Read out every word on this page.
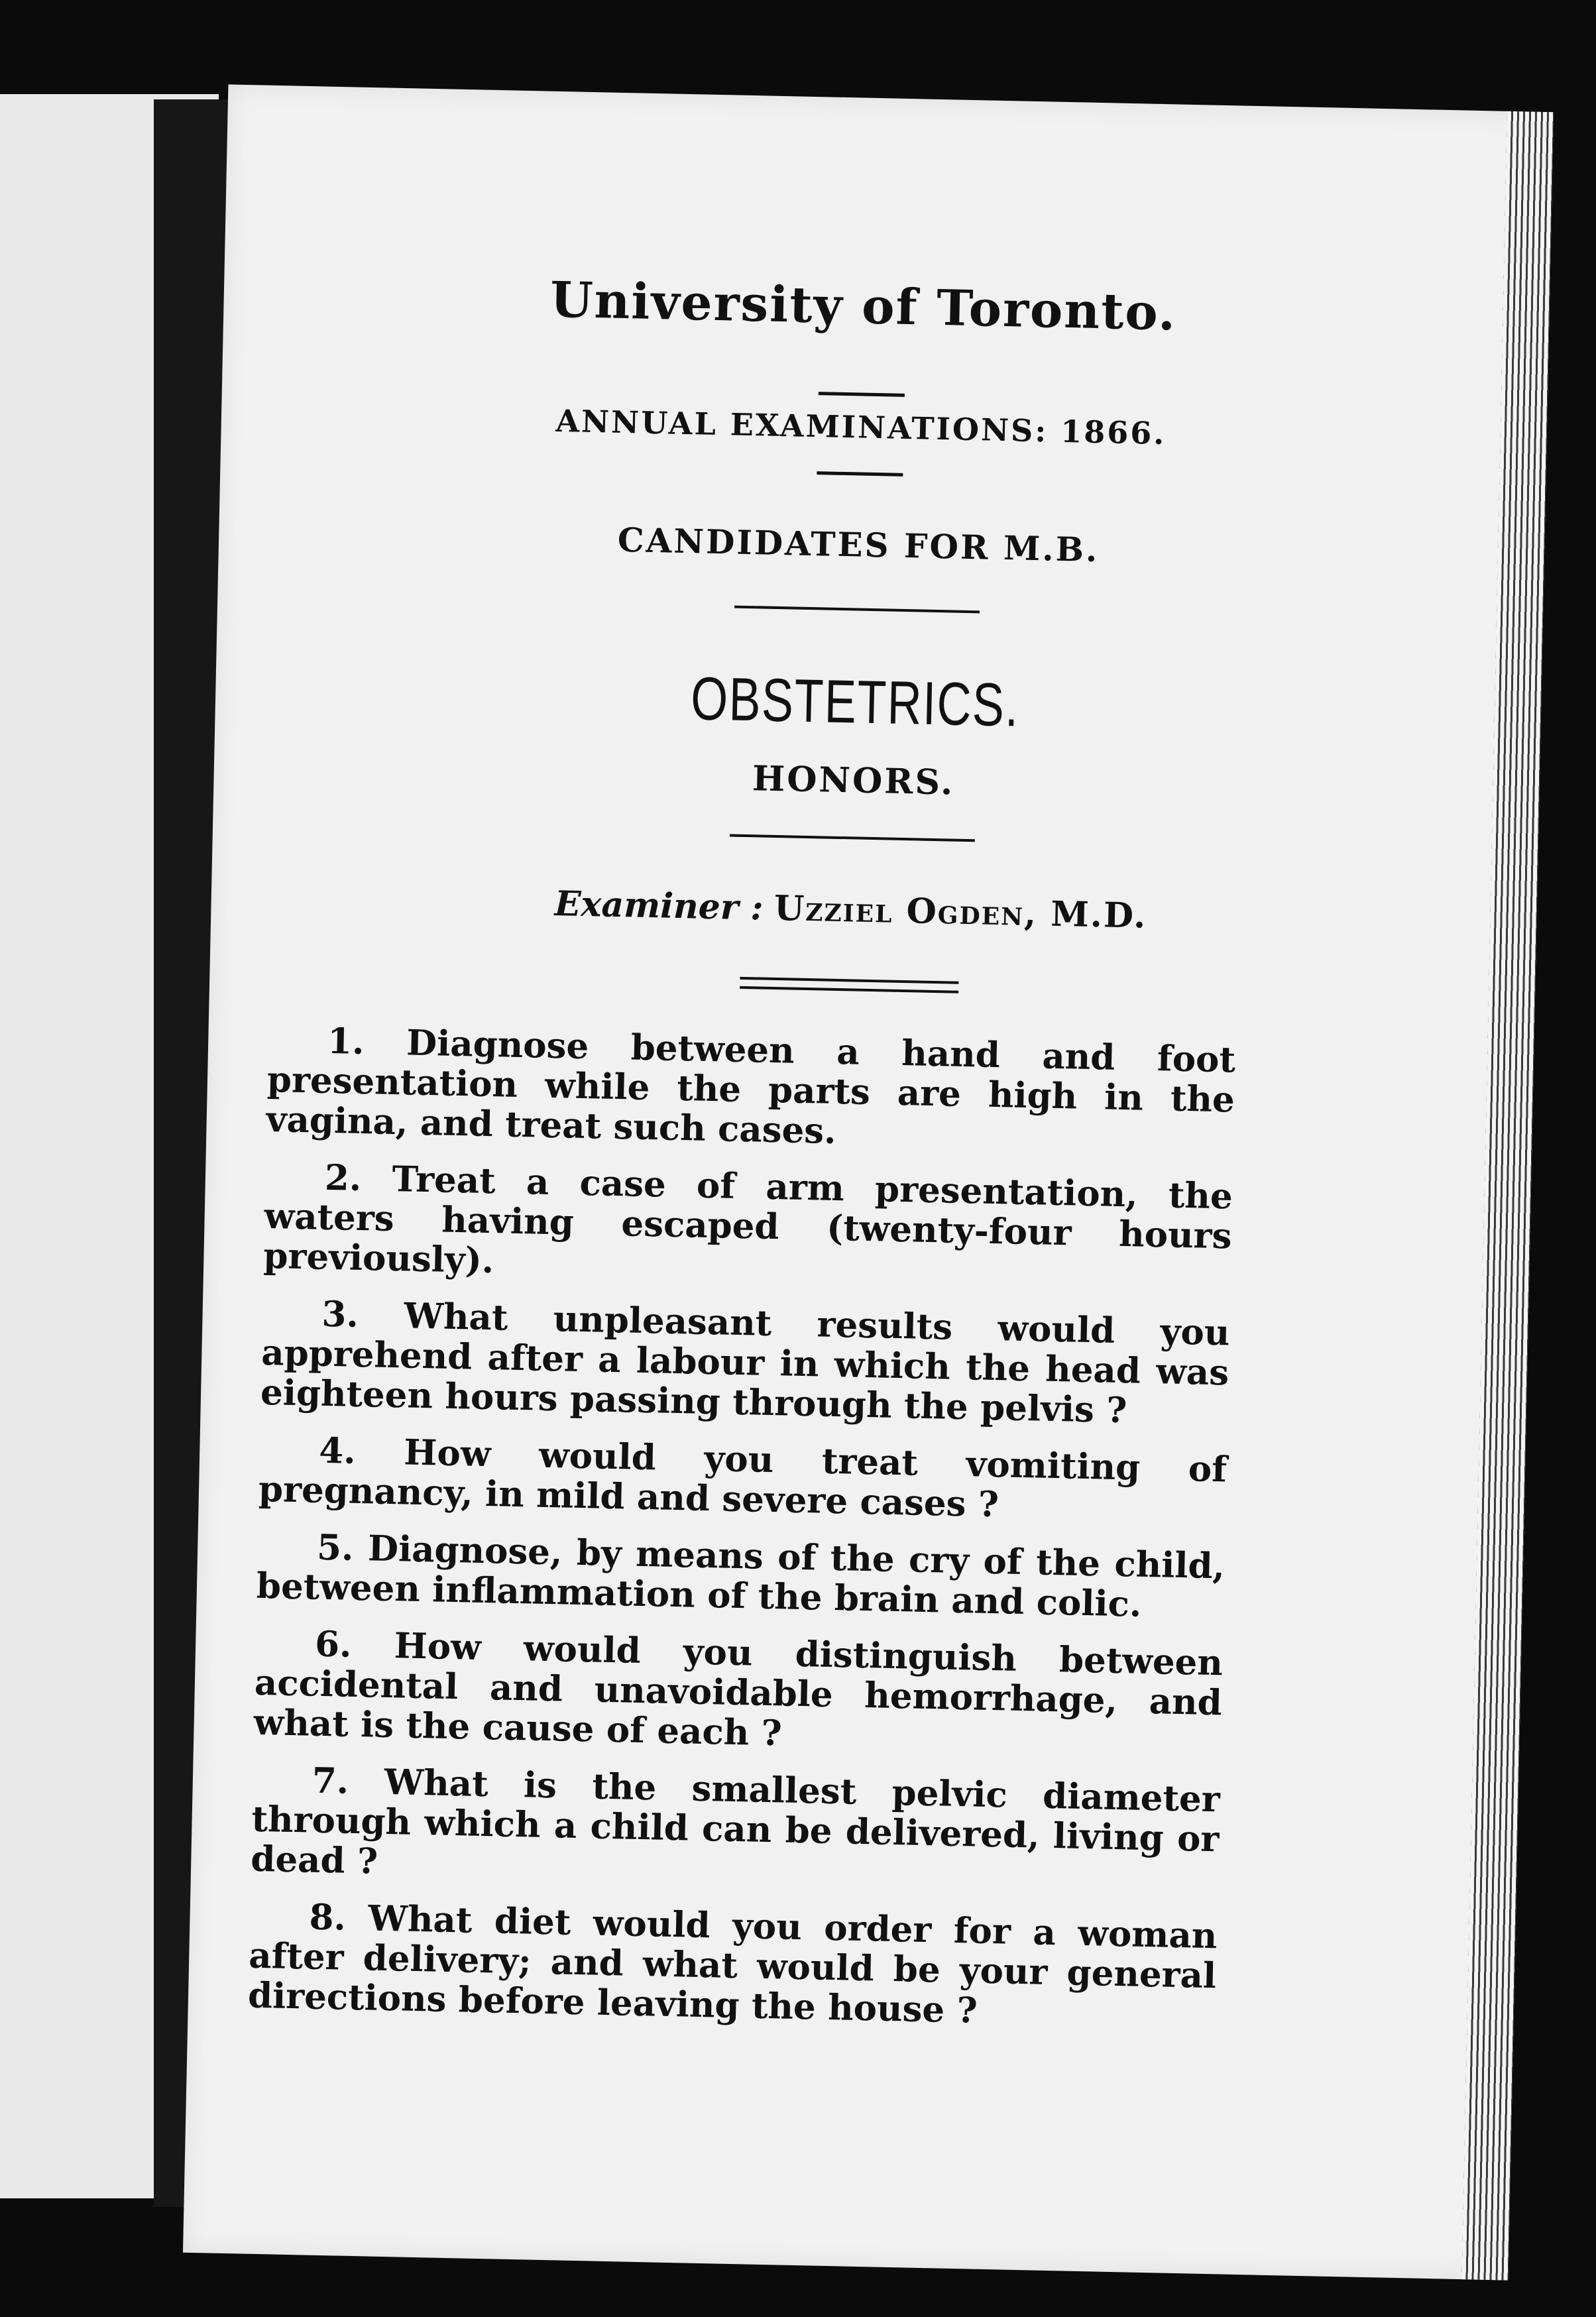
University of Toronto.
ANNUAL EXAMINATIONS: 1866.
CANDIDATES FOR M.B.
OBSTETRICS.
HONORS.
Examiner : Uzziel Ogden, M.D.
1. Diagnose between a hand and foot presentation while the parts are high in the vagina, and treat such cases.
2. Treat a case of arm presentation, the waters having escaped (twenty-four hours previously).
3. What unpleasant results would you apprehend after a labour in which the head was eighteen hours passing through the pelvis ?
4. How would you treat vomiting of pregnancy, in mild and severe cases ?
5. Diagnose, by means of the cry of the child, between inflammation of the brain and colic.
6. How would you distinguish between accidental and unavoidable hemorrhage, and what is the cause of each ?
7. What is the smallest pelvic diameter through which a child can be delivered, living or dead ?
8. What diet would you order for a woman after delivery; and what would be your general directions before leaving the house ?
